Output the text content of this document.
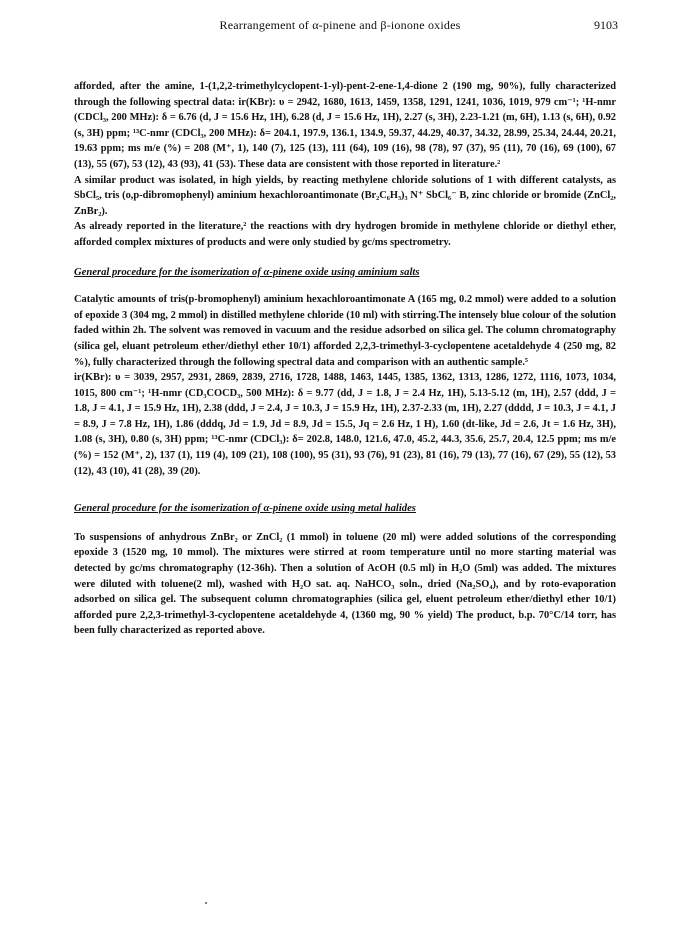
Rearrangement of α-pinene and β-ionone oxides	9103

afforded, after the amine, 1-(1,2,2-trimethylcyclopent-1-yl)-pent-2-ene-1,4-dione 2 (190 mg, 90%), fully characterized through the following spectral data: ir(KBr): υ = 2942, 1680, 1613, 1459, 1358, 1291, 1241, 1036, 1019, 979 cm⁻¹; ¹H-nmr (CDCl₃, 200 MHz): δ = 6.76 (d, J = 15.6 Hz, 1H), 6.28 (d, J = 15.6 Hz, 1H), 2.27 (s, 3H), 2.23-1.21 (m, 6H), 1.13 (s, 6H), 0.92 (s, 3H) ppm; ¹³C-nmr (CDCl₃, 200 MHz): δ= 204.1, 197.9, 136.1, 134.9, 59.37, 44.29, 40.37, 34.32, 28.99, 25.34, 24.44, 20.21, 19.63 ppm; ms m/e (%) = 208 (M⁺, 1), 140 (7), 125 (13), 111 (64), 109 (16), 98 (78), 97 (37), 95 (11), 70 (16), 69 (100), 67 (13), 55 (67), 53 (12), 43 (93), 41 (53). These data are consistent with those reported in literature.²

A similar product was isolated, in high yields, by reacting methylene chloride solutions of 1 with different catalysts, as SbCl₅, tris (o,p-dibromophenyl) aminium hexachloroantimonate (Br₂C₆H₃)₃ N⁺ SbCl₆⁻ B, zinc chloride or bromide (ZnCl₂, ZnBr₂).

As already reported in the literature,² the reactions with dry hydrogen bromide in methylene chloride or diethyl ether, afforded complex mixtures of products and were only studied by gc/ms spectrometry.

General procedure for the isomerization of α-pinene oxide using aminium salts

Catalytic amounts of tris(p-bromophenyl) aminium hexachloroantimonate A (165 mg, 0.2 mmol) were added to a solution of epoxide 3 (304 mg, 2 mmol) in distilled methylene chloride (10 ml) with stirring.The intensely blue colour of the solution faded within 2h. The solvent was removed in vacuum and the residue adsorbed on silica gel. The column chromatography (silica gel, eluant petroleum ether/diethyl ether 10/1) afforded 2,2,3-trimethyl-3-cyclopentene acetaldehyde 4 (250 mg, 82 %), fully characterized through the following spectral data and comparison with an authentic sample.⁵

ir(KBr): υ = 3039, 2957, 2931, 2869, 2839, 2716, 1728, 1488, 1463, 1445, 1385, 1362, 1313, 1286, 1272, 1116, 1073, 1034, 1015, 800 cm⁻¹; ¹H-nmr (CD₃COCD₃, 500 MHz): δ = 9.77 (dd, J = 1.8, J = 2.4 Hz, 1H), 5.13-5.12 (m, 1H), 2.57 (ddd, J = 1.8, J = 4.1, J = 15.9 Hz, 1H), 2.38 (ddd, J = 2.4, J = 10.3, J = 15.9 Hz, 1H), 2.37-2.33 (m, 1H), 2.27 (dddd, J = 10.3, J = 4.1, J = 8.9, J = 7.8 Hz, 1H), 1.86 (dddq, Jd = 1.9, Jd = 8.9, Jd = 15.5, Jq = 2.6 Hz, 1 H), 1.60 (dt-like, Jd = 2.6, Jt = 1.6 Hz, 3H), 1.08 (s, 3H), 0.80 (s, 3H) ppm; ¹³C-nmr (CDCl₃): δ= 202.8, 148.0, 121.6, 47.0, 45.2, 44.3, 35.6, 25.7, 20.4, 12.5 ppm; ms m/e (%) = 152 (M⁺, 2), 137 (1), 119 (4), 109 (21), 108 (100), 95 (31), 93 (76), 91 (23), 81 (16), 79 (13), 77 (16), 67 (29), 55 (12), 53 (12), 43 (10), 41 (28), 39 (20).

General procedure for the isomerization of α-pinene oxide using metal halides

To suspensions of anhydrous ZnBr₂ or ZnCl₂ (1 mmol) in toluene (20 ml) were added solutions of the corresponding epoxide 3 (1520 mg, 10 mmol). The mixtures were stirred at room temperature until no more starting material was detected by gc/ms chromatography (12-36h). Then a solution of AcOH (0.5 ml) in H₂O (5ml) was added. The mixtures were diluted with toluene(2 ml), washed with H₂O sat. aq. NaHCO₃ soln., dried (Na₂SO₄), and by roto-evaporation adsorbed on silica gel. The subsequent column chromatographies (silica gel, eluent petroleum ether/diethyl ether 10/1) afforded pure 2,2,3-trimethyl-3-cyclopentene acetaldehyde 4, (1360 mg, 90 % yield) The product, b.p. 70°C/14 torr, has been fully characterized as reported above.
